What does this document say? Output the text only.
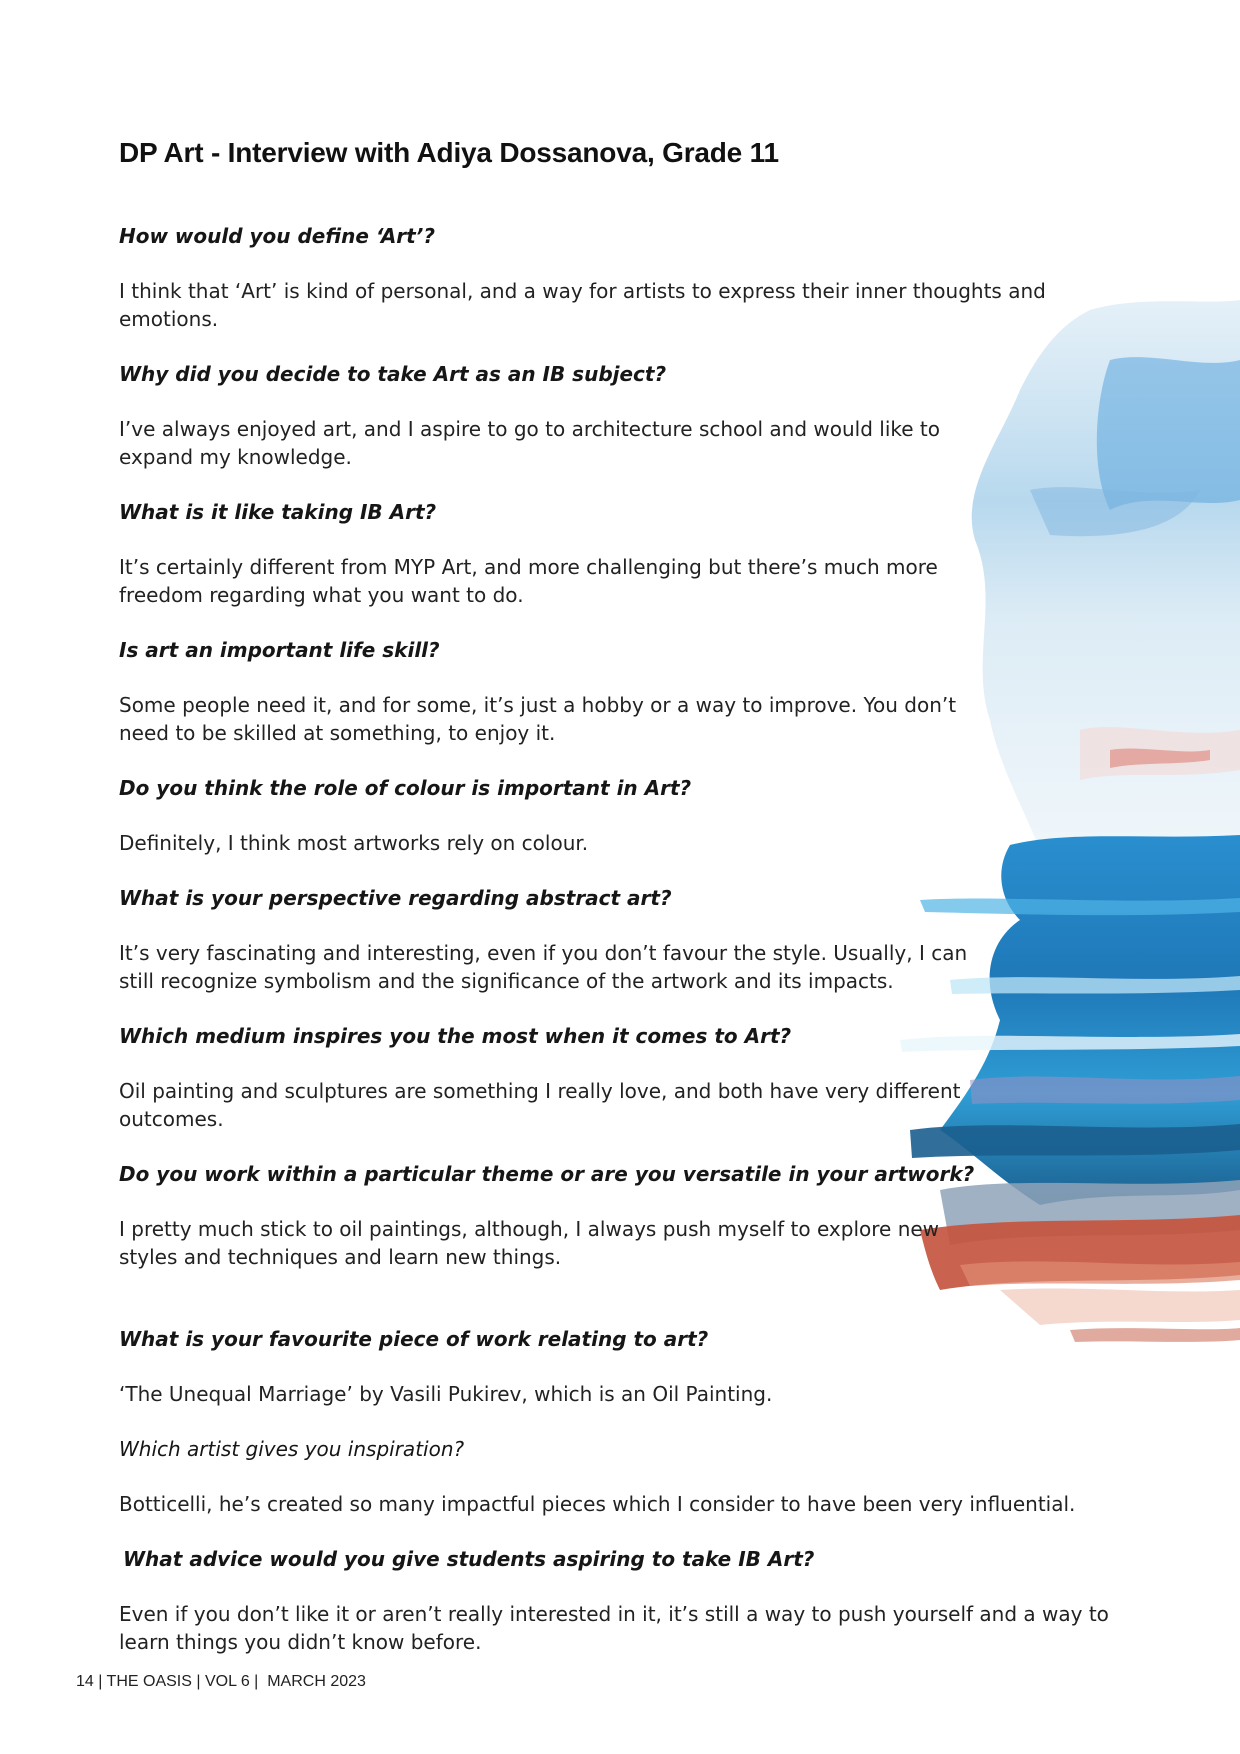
DP Art - Interview with Adiya Dossanova, Grade 11

How would you define ‘Art’?

I think that ‘Art’ is kind of personal, and a way for artists to express their inner thoughts and emotions.

Why did you decide to take Art as an IB subject?

I’ve always enjoyed art, and I aspire to go to architecture school and would like to expand my knowledge.

What is it like taking IB Art?

It’s certainly different from MYP Art, and more challenging but there’s much more freedom regarding what you want to do.

Is art an important life skill?

Some people need it, and for some, it’s just a hobby or a way to improve. You don’t need to be skilled at something, to enjoy it.

Do you think the role of colour is important in Art?

Definitely, I think most artworks rely on colour.

What is your perspective regarding abstract art?

It’s very fascinating and interesting, even if you don’t favour the style. Usually, I can still recognize symbolism and the significance of the artwork and its impacts.

Which medium inspires you the most when it comes to Art?

Oil painting and sculptures are something I really love, and both have very different outcomes.

Do you work within a particular theme or are you versatile in your artwork?

I pretty much stick to oil paintings, although, I always push myself to explore new styles and techniques and learn new things.

What is your favourite piece of work relating to art?

‘The Unequal Marriage’ by Vasili Pukirev, which is an Oil Painting.

Which artist gives you inspiration?

Botticelli, he’s created so many impactful pieces which I consider to have been very influential.

What advice would you give students aspiring to take IB Art?

Even if you don’t like it or aren’t really interested in it, it’s still a way to push yourself and a way to learn things you didn’t know before.

14 | THE OASIS | VOL 6 |  MARCH 2023
